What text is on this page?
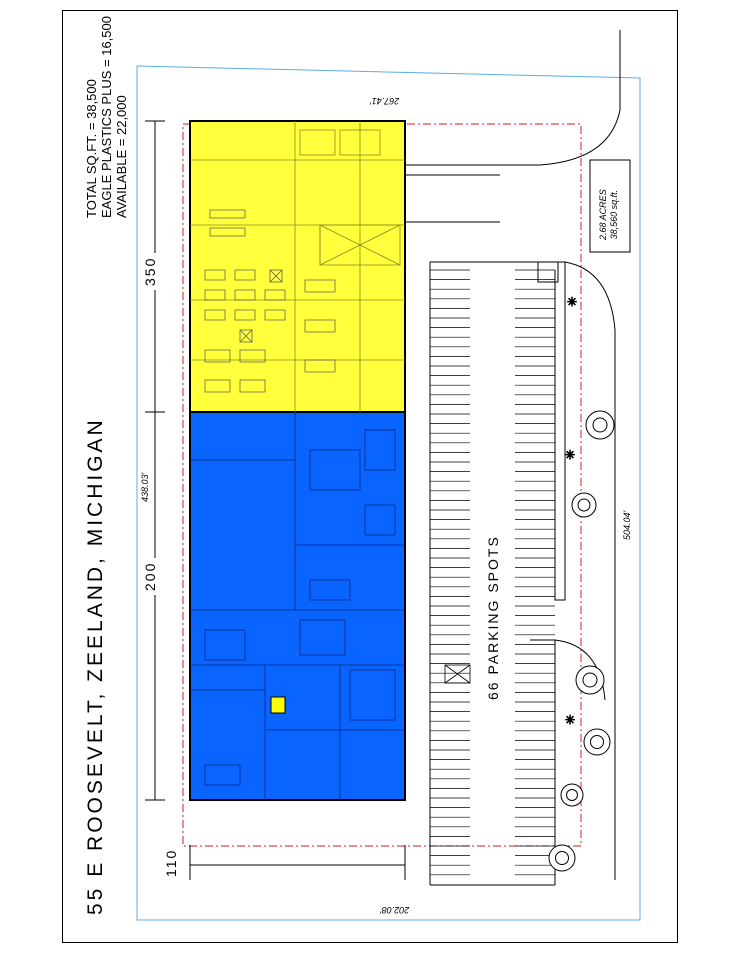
✳
✳
✳
55 E ROOSEVELT, ZEELAND, MICHIGAN
TOTAL SQ.FT. = 38,500 EAGLE PLASTICS PLUS = 16,500 AVAILABLE = 22,000
350
200
110
267.41'
438.03'
504.04'
202.08'
66 PARKING SPOTS
2.68 ACRES 38,560 sq.ft.
